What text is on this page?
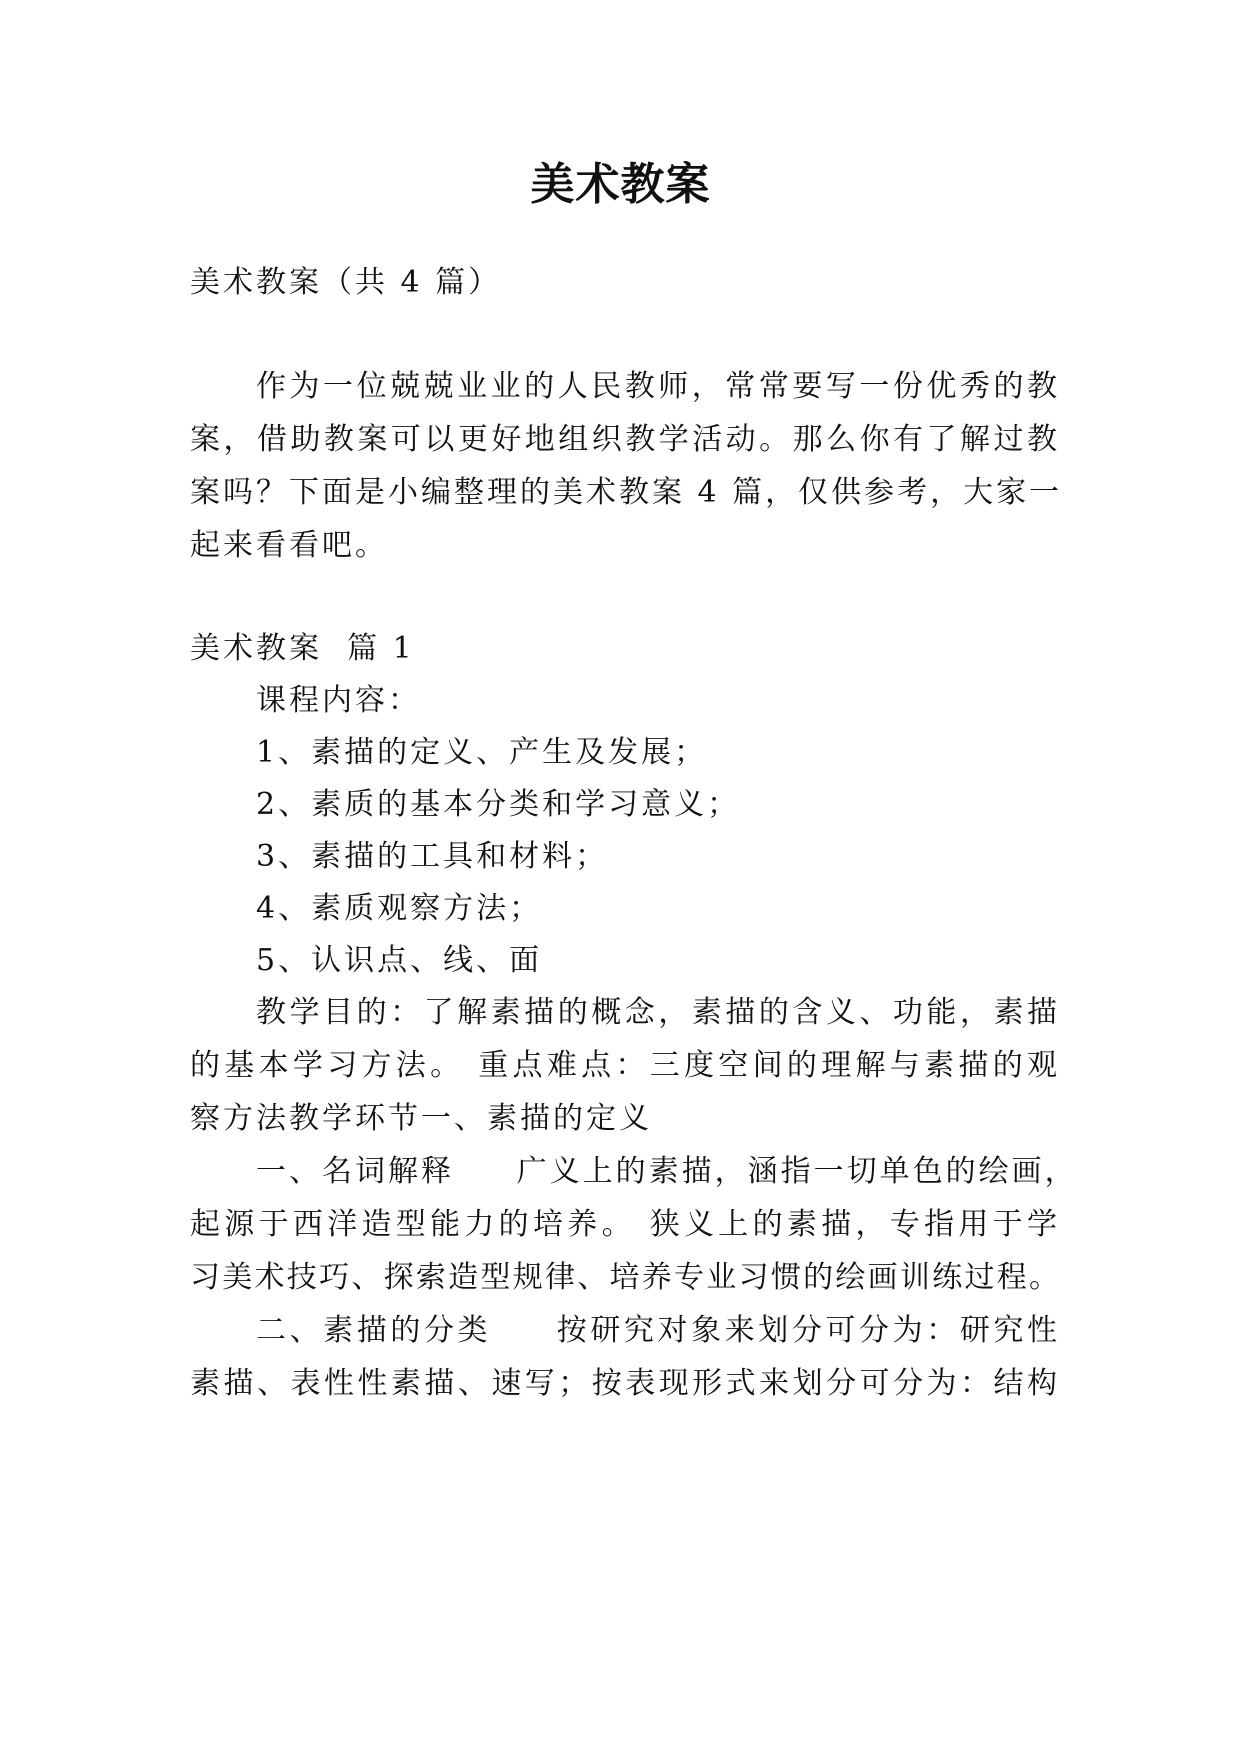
美术教案

美术教案（共 4 篇）

作为一位兢兢业业的人民教师，常常要写一份优秀的教

案，借助教案可以更好地组织教学活动。那么你有了解过教

案吗？下面是小编整理的美术教案 4 篇，仅供参考，大家一

起来看看吧。

美术教案  篇 1

课程内容：

1、素描的定义、产生及发展；

2、素质的基本分类和学习意义；

3、素描的工具和材料；

4、素质观察方法；

5、认识点、线、面

教学目的：了解素描的概念，素描的含义、功能，素描

的基本学习方法。 重点难点：三度空间的理解与素描的观

察方法教学环节一、素描的定义

一、名词解释     广义上的素描，涵指一切单色的绘画，

起源于西洋造型能力的培养。 狭义上的素描，专指用于学

习美术技巧、探索造型规律、培养专业习惯的绘画训练过程。

二、素描的分类     按研究对象来划分可分为：研究性

素描、表性性素描、速写；按表现形式来划分可分为：结构
